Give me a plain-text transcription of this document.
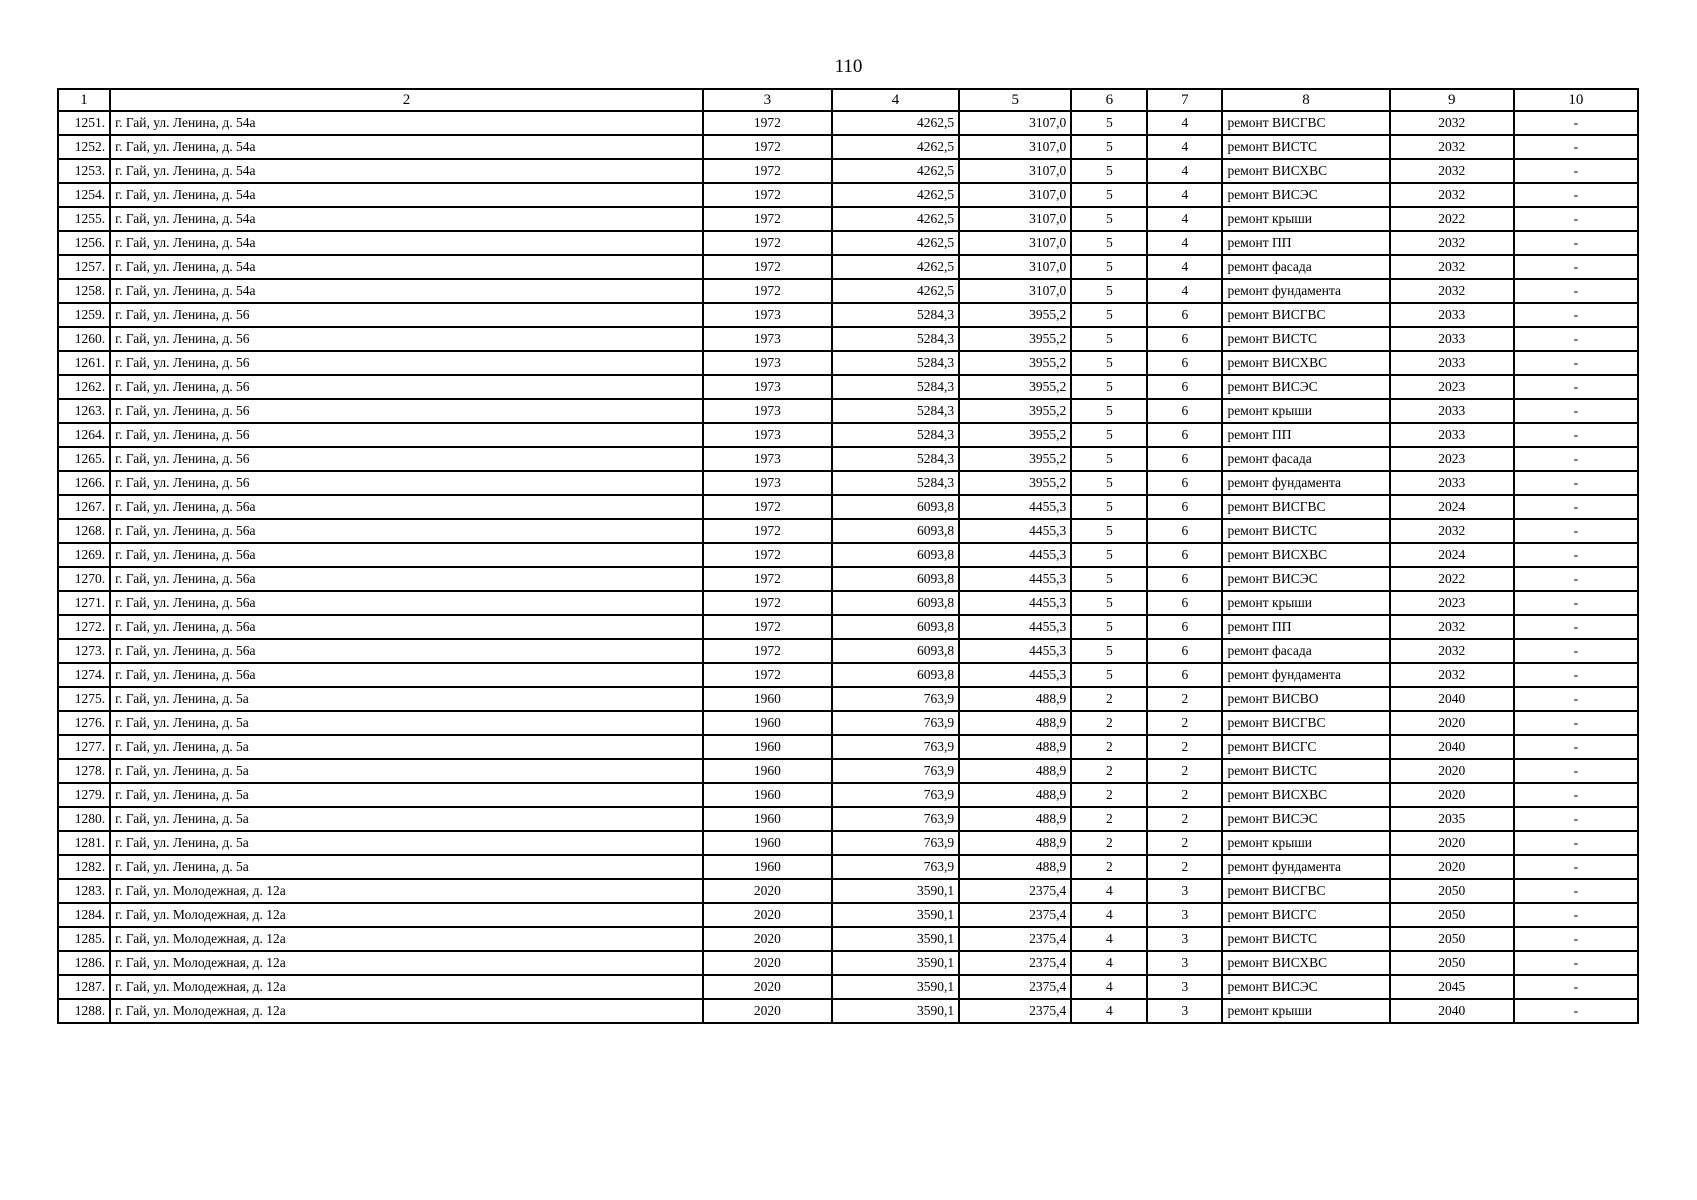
110
1	2	3	4	5	6	7	8	9	10
1251.	г. Гай, ул. Ленина, д. 54а	1972	4262,5	3107,0	5	4	ремонт ВИСГВС	2032	-
1252.	г. Гай, ул. Ленина, д. 54а	1972	4262,5	3107,0	5	4	ремонт ВИСТС	2032	-
1253.	г. Гай, ул. Ленина, д. 54а	1972	4262,5	3107,0	5	4	ремонт ВИСХВС	2032	-
1254.	г. Гай, ул. Ленина, д. 54а	1972	4262,5	3107,0	5	4	ремонт ВИСЭС	2032	-
1255.	г. Гай, ул. Ленина, д. 54а	1972	4262,5	3107,0	5	4	ремонт крыши	2022	-
1256.	г. Гай, ул. Ленина, д. 54а	1972	4262,5	3107,0	5	4	ремонт ПП	2032	-
1257.	г. Гай, ул. Ленина, д. 54а	1972	4262,5	3107,0	5	4	ремонт фасада	2032	-
1258.	г. Гай, ул. Ленина, д. 54а	1972	4262,5	3107,0	5	4	ремонт фундамента	2032	-
1259.	г. Гай, ул. Ленина, д. 56	1973	5284,3	3955,2	5	6	ремонт ВИСГВС	2033	-
1260.	г. Гай, ул. Ленина, д. 56	1973	5284,3	3955,2	5	6	ремонт ВИСТС	2033	-
1261.	г. Гай, ул. Ленина, д. 56	1973	5284,3	3955,2	5	6	ремонт ВИСХВС	2033	-
1262.	г. Гай, ул. Ленина, д. 56	1973	5284,3	3955,2	5	6	ремонт ВИСЭС	2023	-
1263.	г. Гай, ул. Ленина, д. 56	1973	5284,3	3955,2	5	6	ремонт крыши	2033	-
1264.	г. Гай, ул. Ленина, д. 56	1973	5284,3	3955,2	5	6	ремонт ПП	2033	-
1265.	г. Гай, ул. Ленина, д. 56	1973	5284,3	3955,2	5	6	ремонт фасада	2023	-
1266.	г. Гай, ул. Ленина, д. 56	1973	5284,3	3955,2	5	6	ремонт фундамента	2033	-
1267.	г. Гай, ул. Ленина, д. 56а	1972	6093,8	4455,3	5	6	ремонт ВИСГВС	2024	-
1268.	г. Гай, ул. Ленина, д. 56а	1972	6093,8	4455,3	5	6	ремонт ВИСТС	2032	-
1269.	г. Гай, ул. Ленина, д. 56а	1972	6093,8	4455,3	5	6	ремонт ВИСХВС	2024	-
1270.	г. Гай, ул. Ленина, д. 56а	1972	6093,8	4455,3	5	6	ремонт ВИСЭС	2022	-
1271.	г. Гай, ул. Ленина, д. 56а	1972	6093,8	4455,3	5	6	ремонт крыши	2023	-
1272.	г. Гай, ул. Ленина, д. 56а	1972	6093,8	4455,3	5	6	ремонт ПП	2032	-
1273.	г. Гай, ул. Ленина, д. 56а	1972	6093,8	4455,3	5	6	ремонт фасада	2032	-
1274.	г. Гай, ул. Ленина, д. 56а	1972	6093,8	4455,3	5	6	ремонт фундамента	2032	-
1275.	г. Гай, ул. Ленина, д. 5а	1960	763,9	488,9	2	2	ремонт ВИСВО	2040	-
1276.	г. Гай, ул. Ленина, д. 5а	1960	763,9	488,9	2	2	ремонт ВИСГВС	2020	-
1277.	г. Гай, ул. Ленина, д. 5а	1960	763,9	488,9	2	2	ремонт ВИСГС	2040	-
1278.	г. Гай, ул. Ленина, д. 5а	1960	763,9	488,9	2	2	ремонт ВИСТС	2020	-
1279.	г. Гай, ул. Ленина, д. 5а	1960	763,9	488,9	2	2	ремонт ВИСХВС	2020	-
1280.	г. Гай, ул. Ленина, д. 5а	1960	763,9	488,9	2	2	ремонт ВИСЭС	2035	-
1281.	г. Гай, ул. Ленина, д. 5а	1960	763,9	488,9	2	2	ремонт крыши	2020	-
1282.	г. Гай, ул. Ленина, д. 5а	1960	763,9	488,9	2	2	ремонт фундамента	2020	-
1283.	г. Гай, ул. Молодежная, д. 12а	2020	3590,1	2375,4	4	3	ремонт ВИСГВС	2050	-
1284.	г. Гай, ул. Молодежная, д. 12а	2020	3590,1	2375,4	4	3	ремонт ВИСГС	2050	-
1285.	г. Гай, ул. Молодежная, д. 12а	2020	3590,1	2375,4	4	3	ремонт ВИСТС	2050	-
1286.	г. Гай, ул. Молодежная, д. 12а	2020	3590,1	2375,4	4	3	ремонт ВИСХВС	2050	-
1287.	г. Гай, ул. Молодежная, д. 12а	2020	3590,1	2375,4	4	3	ремонт ВИСЭС	2045	-
1288.	г. Гай, ул. Молодежная, д. 12а	2020	3590,1	2375,4	4	3	ремонт крыши	2040	-
